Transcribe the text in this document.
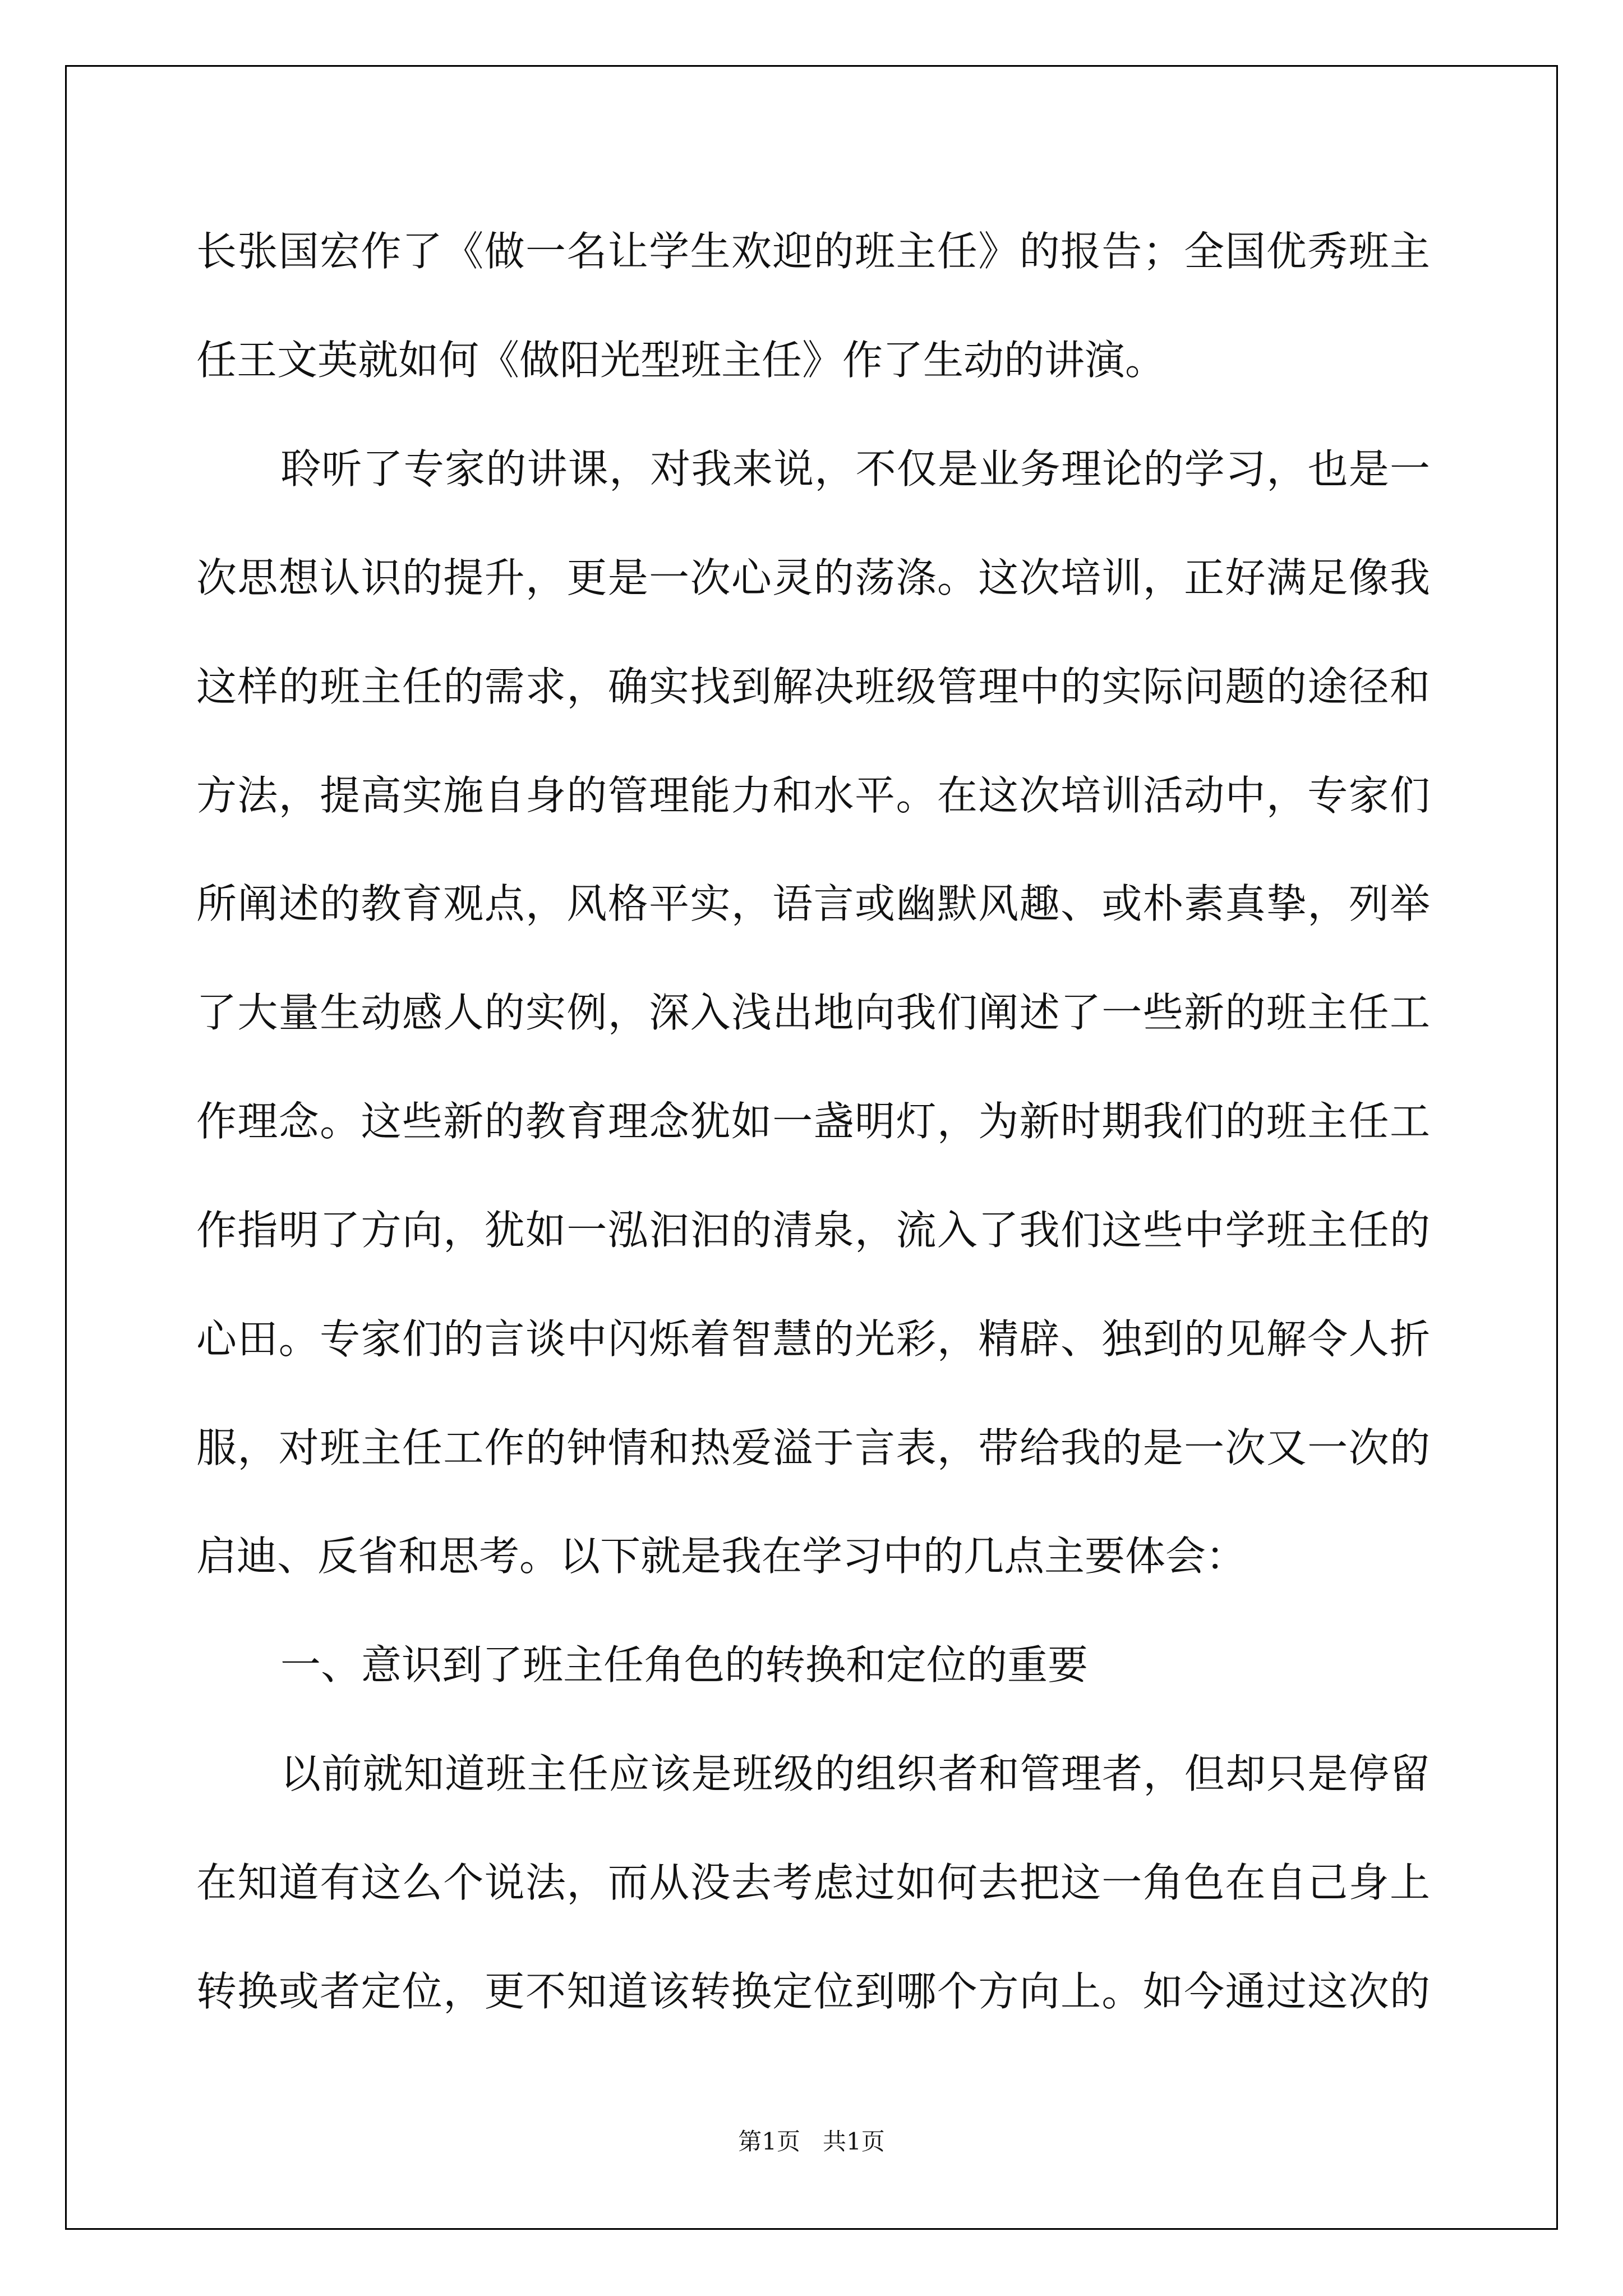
长张国宏作了《做一名让学生欢迎的班主任》的报告；全国优秀班主

任王文英就如何《做阳光型班主任》作了生动的讲演。

聆听了专家的讲课，对我来说，不仅是业务理论的学习，也是一

次思想认识的提升，更是一次心灵的荡涤。这次培训，正好满足像我

这样的班主任的需求，确实找到解决班级管理中的实际问题的途径和

方法，提高实施自身的管理能力和水平。在这次培训活动中，专家们

所阐述的教育观点，风格平实，语言或幽默风趣、或朴素真挚，列举

了大量生动感人的实例，深入浅出地向我们阐述了一些新的班主任工

作理念。这些新的教育理念犹如一盏明灯，为新时期我们的班主任工

作指明了方向，犹如一泓汩汩的清泉，流入了我们这些中学班主任的

心田。专家们的言谈中闪烁着智慧的光彩，精辟、独到的见解令人折

服，对班主任工作的钟情和热爱溢于言表，带给我的是一次又一次的

启迪、反省和思考。以下就是我在学习中的几点主要体会：

一、意识到了班主任角色的转换和定位的重要

以前就知道班主任应该是班级的组织者和管理者，但却只是停留

在知道有这么个说法，而从没去考虑过如何去把这一角色在自己身上

转换或者定位，更不知道该转换定位到哪个方向上。如今通过这次的

第1页   共1页
